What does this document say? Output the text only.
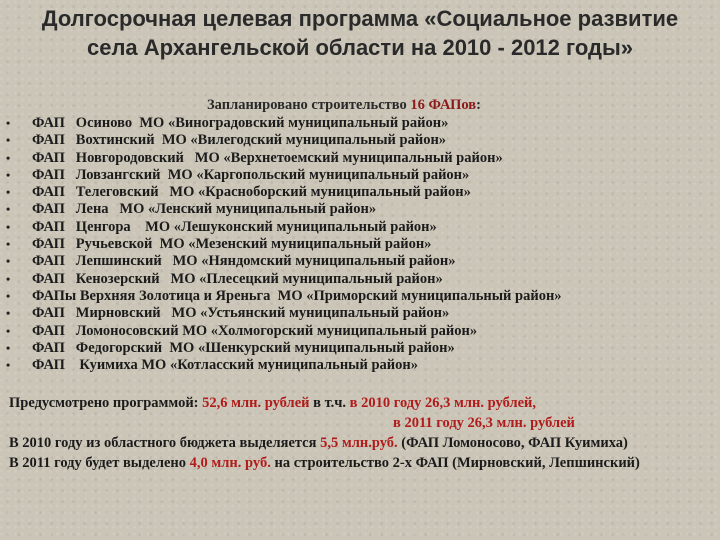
Долгосрочная целевая программа «Социальное развитие села Архангельской области на 2010 - 2012 годы»
Запланировано строительство 16 ФАПов:
• ФАП   Осиново  МО «Виноградовский муниципальный район»
• ФАП   Вохтинский  МО «Вилегодский муниципальный район»
• ФАП   Новгородовский   МО «Верхнетоемский муниципальный район»
• ФАП   Ловзангский  МО «Каргопольский муниципальный район»
• ФАП   Телеговский   МО «Красноборский муниципальный район»
• ФАП   Лена   МО «Ленский муниципальный район»
• ФАП   Ценгора    МО «Лешуконский муниципальный район»
• ФАП   Ручьевской  МО «Мезенский муниципальный район»
• ФАП   Лепшинский   МО «Няндомский муниципальный район»
• ФАП   Кенозерский   МО «Плесецкий муниципальный район»
• ФАПы Верхняя Золотица и Яреньга  МО «Приморский муниципальный район»
• ФАП   Мирновский   МО «Устьянский муниципальный район»
• ФАП   Ломоносовский МО «Холмогорский муниципальный район»
• ФАП   Федогорский  МО «Шенкурский муниципальный район»
• ФАП    Куимиха МО «Котласский муниципальный район»
Предусмотрено программой: 52,6 млн. рублей в т.ч. в 2010 году 26,3 млн. рублей,
в 2011 году 26,3 млн. рублей
В 2010 году из областного бюджета выделяется 5,5 млн.руб. (ФАП Ломоносово, ФАП Куимиха)
В 2011 году будет выделено 4,0 млн. руб. на строительство 2-х ФАП (Мирновский, Лепшинский)
